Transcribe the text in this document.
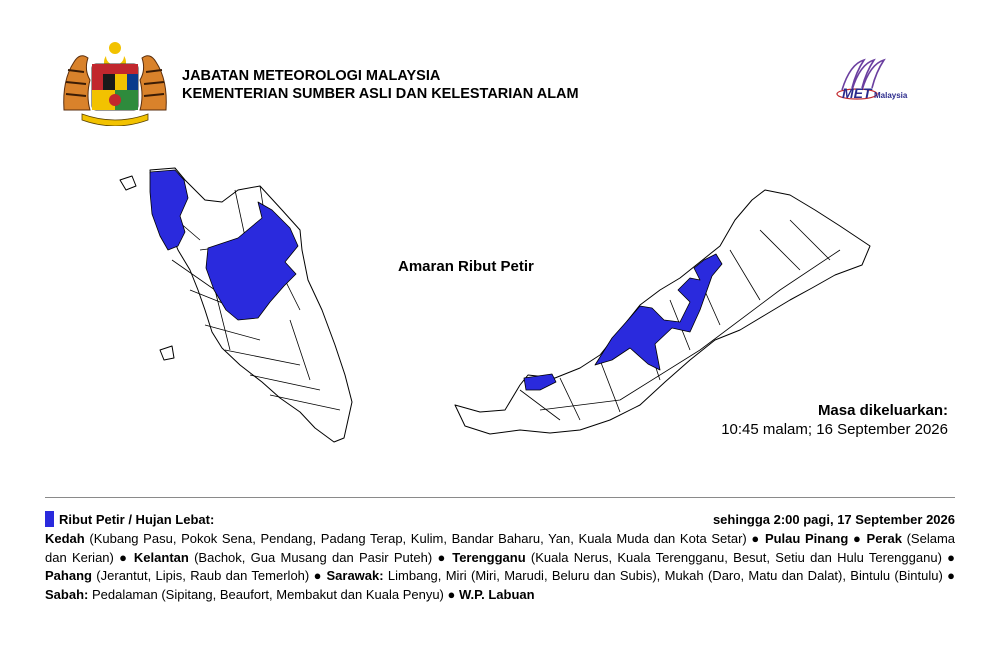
JABATAN METEOROLOGI MALAYSIA
KEMENTERIAN SUMBER ASLI DAN KELESTARIAN ALAM	MET Malaysia
Amaran Ribut Petir
Masa dikeluarkan:
10:45 malam; 16 September 2026
Ribut Petir / Hujan Lebat:	sehingga 2:00 pagi, 17 September 2026
Kedah (Kubang Pasu, Pokok Sena, Pendang, Padang Terap, Kulim, Bandar Baharu, Yan, Kuala Muda dan Kota Setar) ● Pulau Pinang ● Perak (Selama dan Kerian) ● Kelantan (Bachok, Gua Musang dan Pasir Puteh) ● Terengganu (Kuala Nerus, Kuala Terengganu, Besut, Setiu dan Hulu Terengganu) ● Pahang (Jerantut, Lipis, Raub dan Temerloh) ● Sarawak: Limbang, Miri (Miri, Marudi, Beluru dan Subis), Mukah (Daro, Matu dan Dalat), Bintulu (Bintulu) ● Sabah: Pedalaman (Sipitang, Beaufort, Membakut dan Kuala Penyu) ● W.P. Labuan
